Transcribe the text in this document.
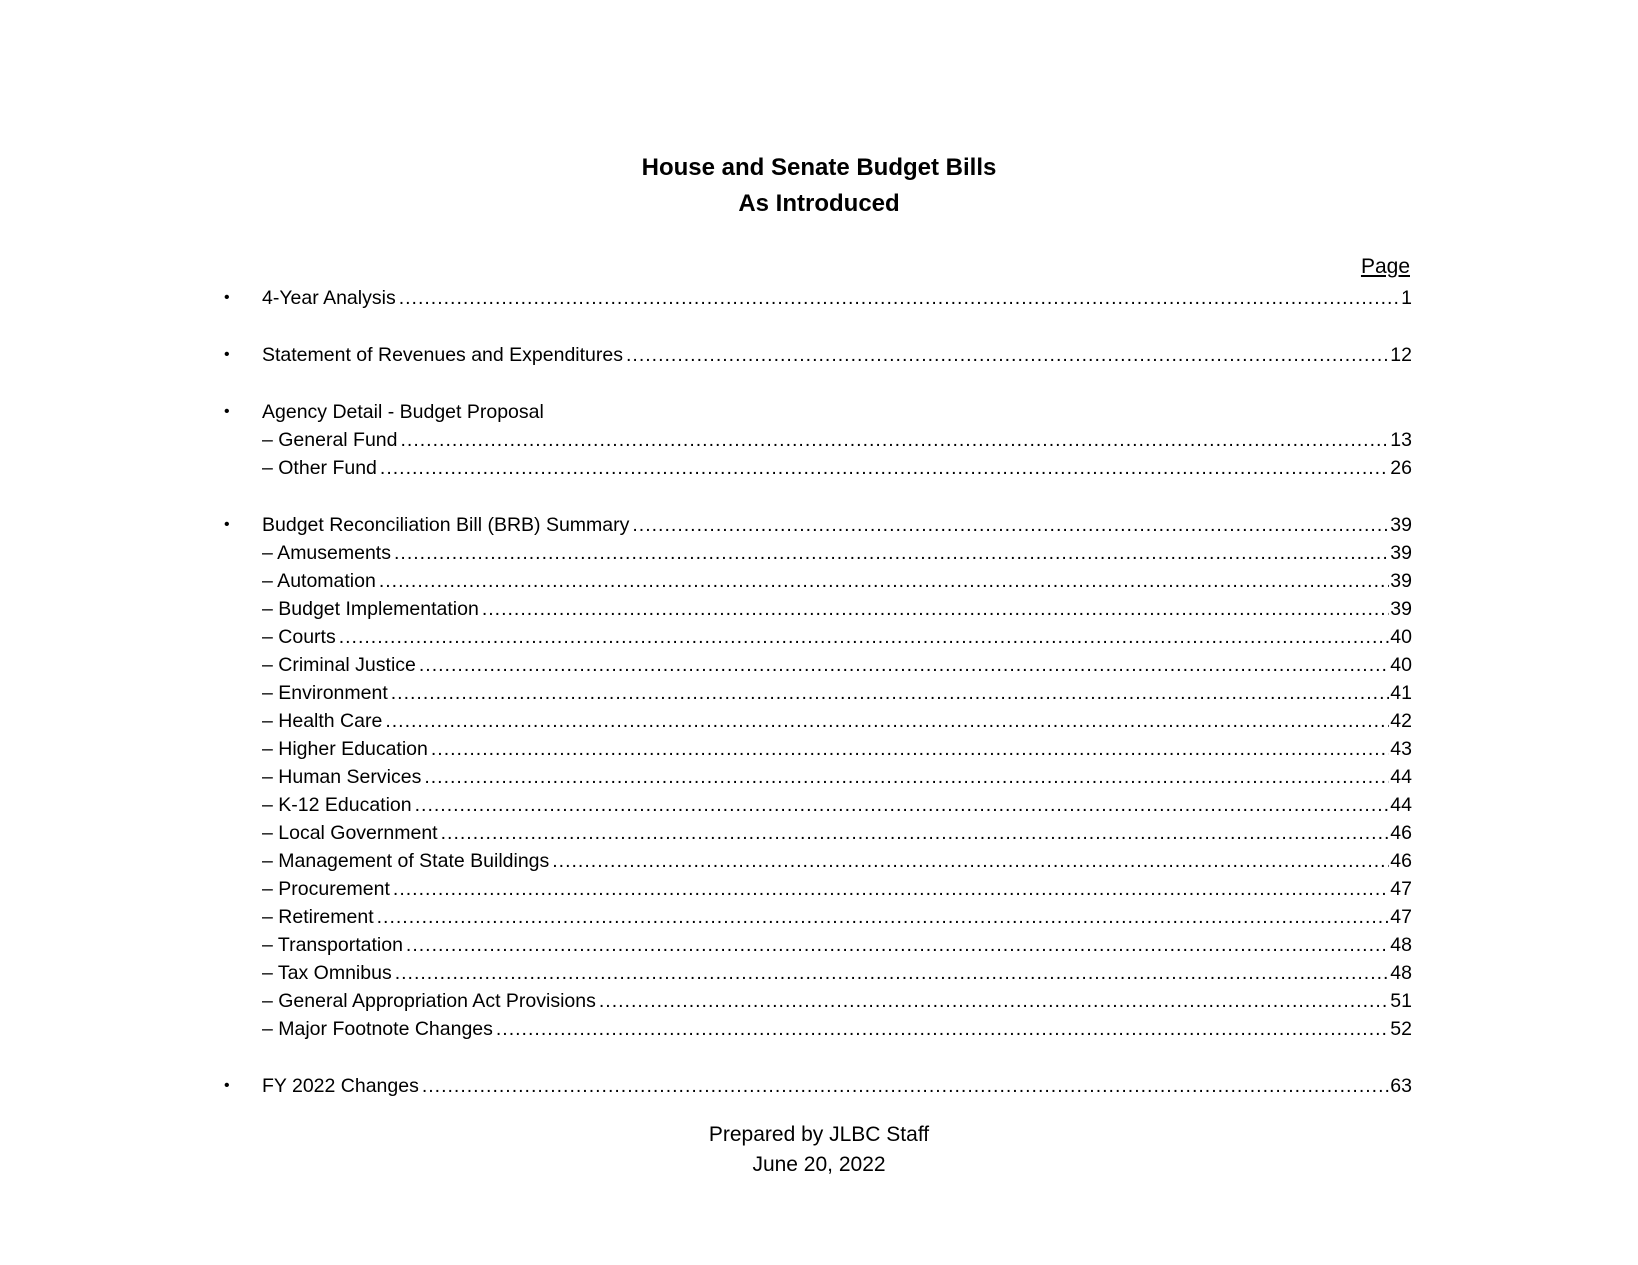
House and Senate Budget Bills
As Introduced
Page
•	4-Year Analysis .....	1
•	Statement of Revenues and Expenditures .....	12
•	Agency Detail - Budget Proposal
– General Fund .....	13
– Other Fund .....	26
•	Budget Reconciliation Bill (BRB) Summary .....	39
– Amusements .....	39
– Automation .....	39
– Budget Implementation .....	39
– Courts .....	40
– Criminal Justice .....	40
– Environment .....	41
– Health Care .....	42
– Higher Education .....	43
– Human Services .....	44
– K-12 Education .....	44
– Local Government .....	46
– Management of State Buildings .....	46
– Procurement .....	47
– Retirement .....	47
– Transportation .....	48
– Tax Omnibus .....	48
– General Appropriation Act Provisions .....	51
– Major Footnote Changes .....	52
•	FY 2022 Changes .....	63
Prepared by JLBC Staff
June 20, 2022
